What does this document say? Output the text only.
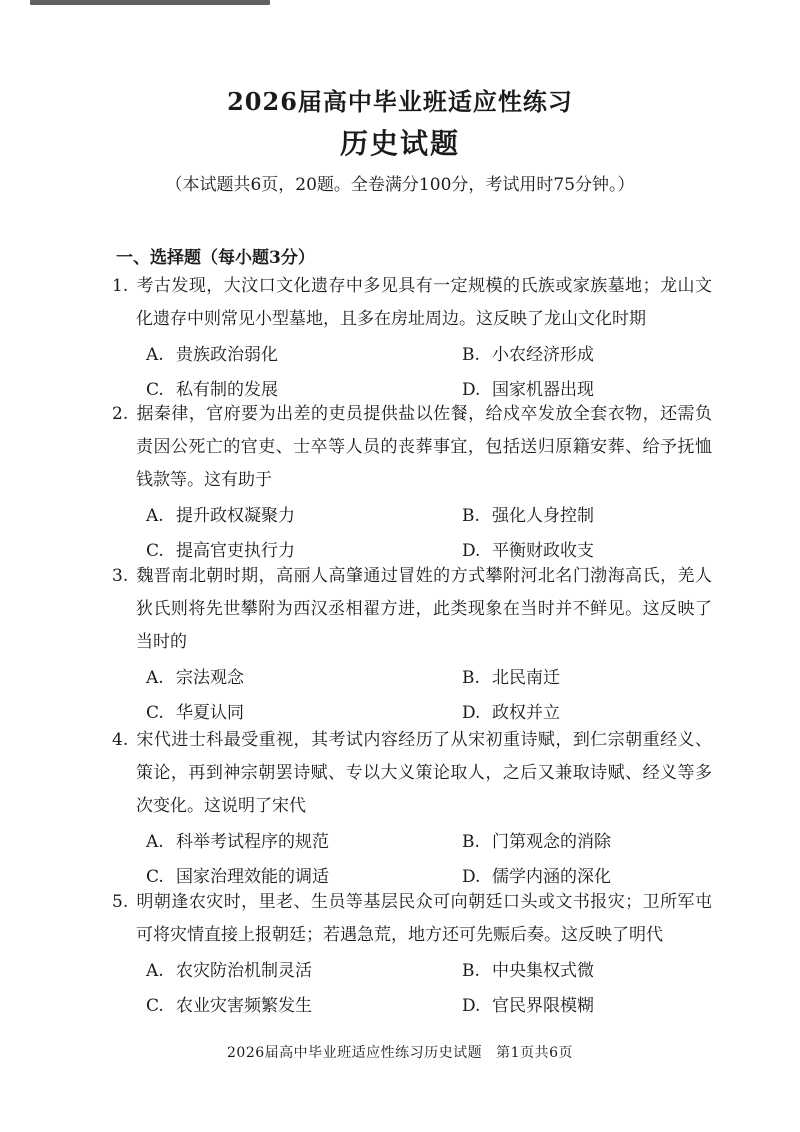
2026届高中毕业班适应性练习
历史试题
（本试题共6页，20题。全卷满分100分，考试用时75分钟。）
一、选择题（每小题3分）
1. 考古发现，大汶口文化遗存中多见具有一定规模的氏族或家族墓地；龙山文化遗存中则常见小型墓地，且多在房址周边。这反映了龙山文化时期
A. 贵族政治弱化	B. 小农经济形成
C. 私有制的发展	D. 国家机器出现
2. 据秦律，官府要为出差的吏员提供盐以佐餐，给戍卒发放全套衣物，还需负责因公死亡的官吏、士卒等人员的丧葬事宜，包括送归原籍安葬、给予抚恤钱款等。这有助于
A. 提升政权凝聚力	B. 强化人身控制
C. 提高官吏执行力	D. 平衡财政收支
3. 魏晋南北朝时期，高丽人高肇通过冒姓的方式攀附河北名门渤海高氏，羌人狄氏则将先世攀附为西汉丞相翟方进，此类现象在当时并不鲜见。这反映了当时的
A. 宗法观念	B. 北民南迁
C. 华夏认同	D. 政权并立
4. 宋代进士科最受重视，其考试内容经历了从宋初重诗赋，到仁宗朝重经义、策论，再到神宗朝罢诗赋、专以大义策论取人，之后又兼取诗赋、经义等多次变化。这说明了宋代
A. 科举考试程序的规范	B. 门第观念的消除
C. 国家治理效能的调适	D. 儒学内涵的深化
5. 明朝逢农灾时，里老、生员等基层民众可向朝廷口头或文书报灾；卫所军屯可将灾情直接上报朝廷；若遇急荒，地方还可先赈后奏。这反映了明代
A. 农灾防治机制灵活	B. 中央集权式微
C. 农业灾害频繁发生	D. 官民界限模糊
2026届高中毕业班适应性练习历史试题 第1页共6页
